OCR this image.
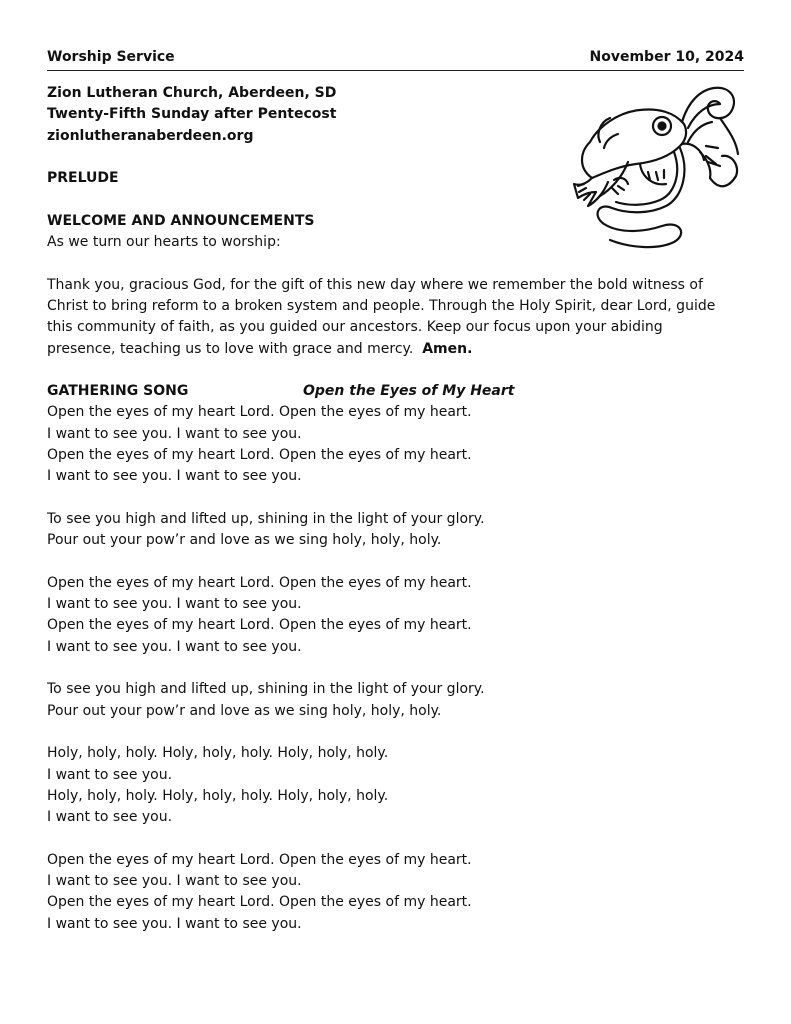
Worship Service	November 10, 2024
Zion Lutheran Church, Aberdeen, SD
Twenty-Fifth Sunday after Pentecost
zionlutheranaberdeen.org
PRELUDE
WELCOME AND ANNOUNCEMENTS
As we turn our hearts to worship:
Thank you, gracious God, for the gift of this new day where we remember the bold witness of
Christ to bring reform to a broken system and people. Through the Holy Spirit, dear Lord, guide
this community of faith, as you guided our ancestors. Keep our focus upon your abiding
presence, teaching us to love with grace and mercy.  Amen.
GATHERING SONG	Open the Eyes of My Heart
Open the eyes of my heart Lord. Open the eyes of my heart.
I want to see you. I want to see you.
Open the eyes of my heart Lord. Open the eyes of my heart.
I want to see you. I want to see you.
To see you high and lifted up, shining in the light of your glory.
Pour out your pow’r and love as we sing holy, holy, holy.
Open the eyes of my heart Lord. Open the eyes of my heart.
I want to see you. I want to see you.
Open the eyes of my heart Lord. Open the eyes of my heart.
I want to see you. I want to see you.
To see you high and lifted up, shining in the light of your glory.
Pour out your pow’r and love as we sing holy, holy, holy.
Holy, holy, holy. Holy, holy, holy. Holy, holy, holy.
I want to see you.
Holy, holy, holy. Holy, holy, holy. Holy, holy, holy.
I want to see you.
Open the eyes of my heart Lord. Open the eyes of my heart.
I want to see you. I want to see you.
Open the eyes of my heart Lord. Open the eyes of my heart.
I want to see you. I want to see you.
